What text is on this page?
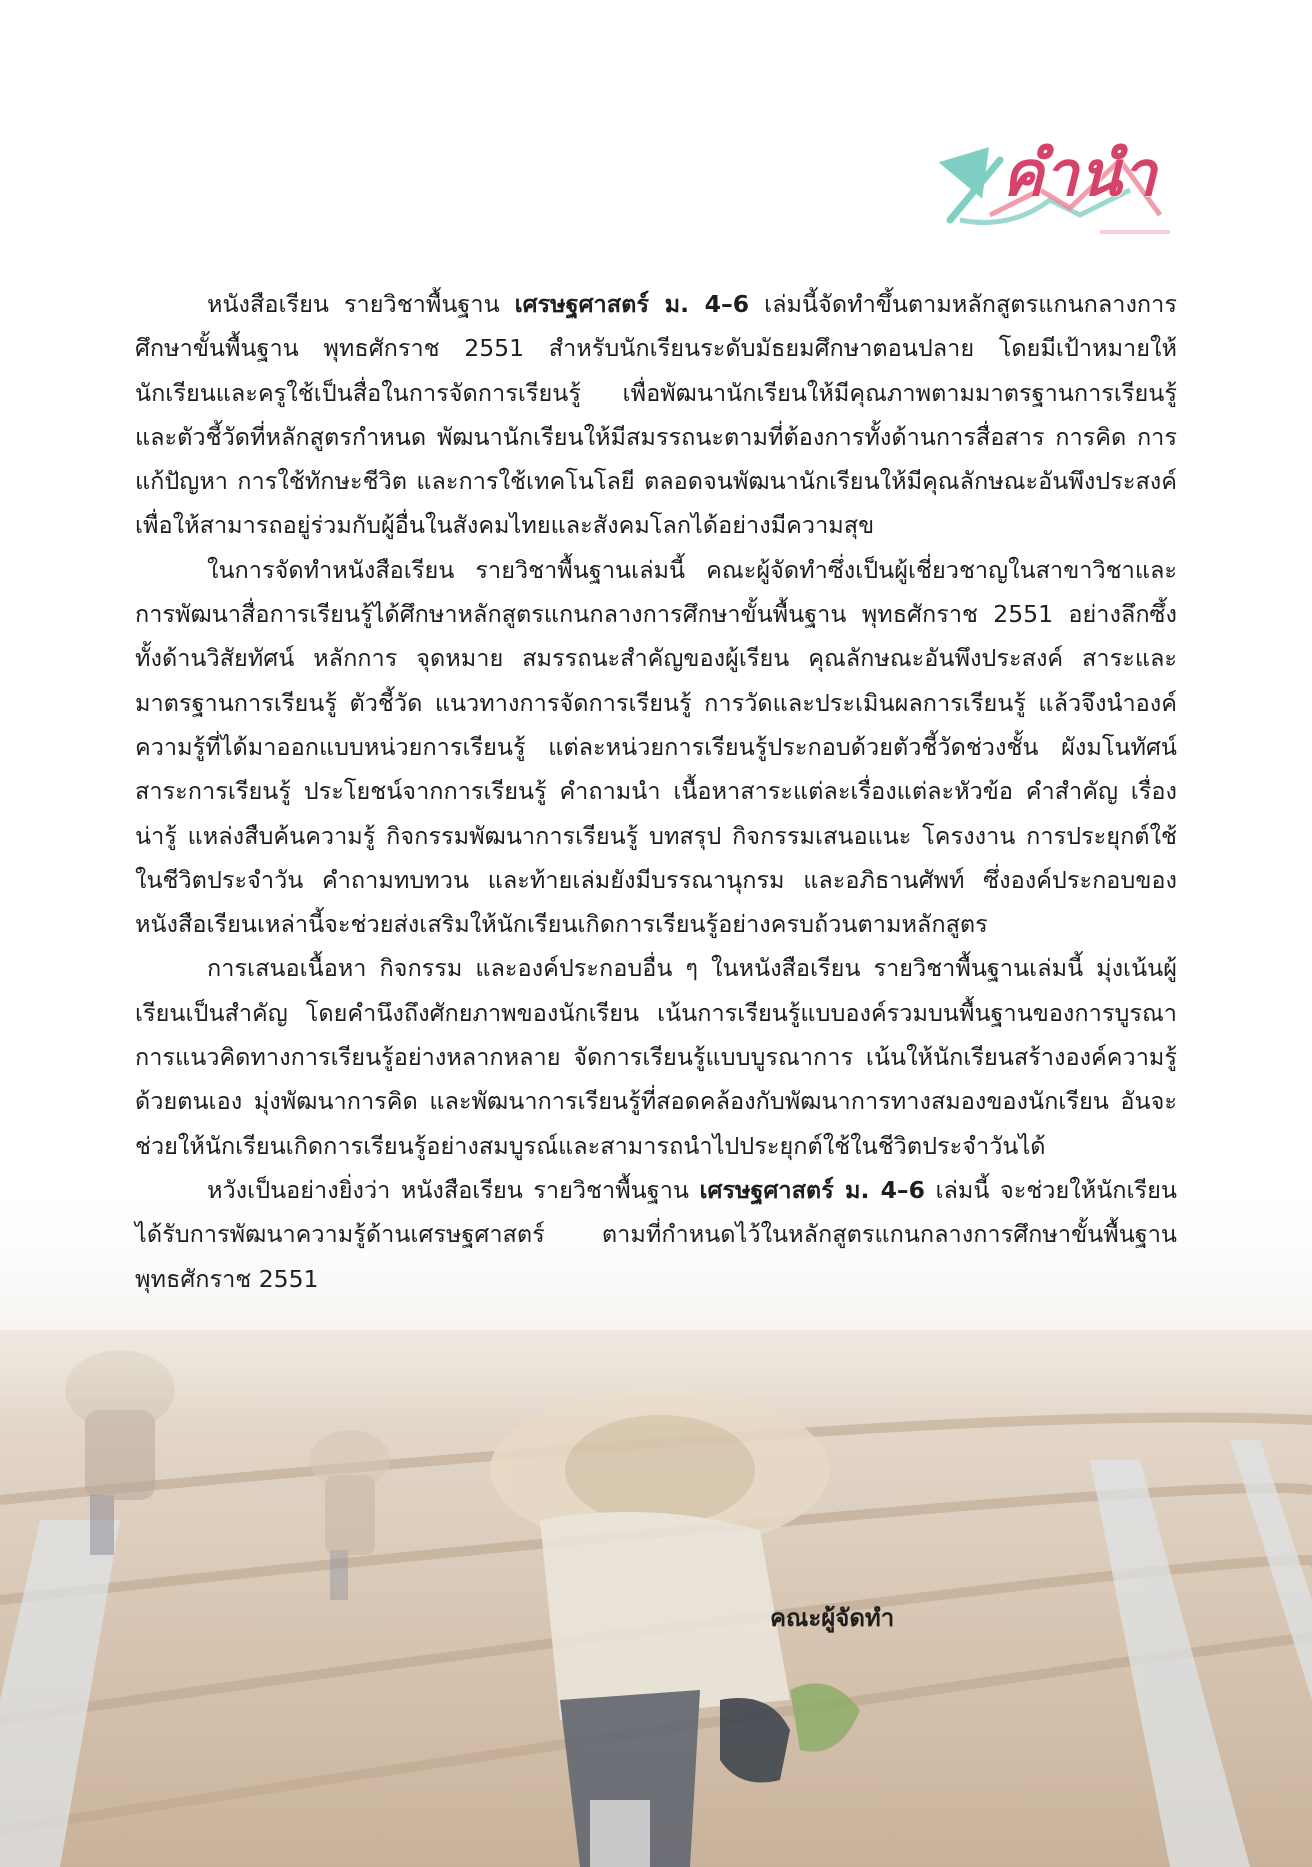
คำนำ

หนังสือเรียน รายวิชาพื้นฐาน เศรษฐศาสตร์ ม. 4–6 เล่มนี้จัดทำขึ้นตามหลักสูตรแกนกลางการศึกษาขั้นพื้นฐาน พุทธศักราช 2551 สำหรับนักเรียนระดับมัธยมศึกษาตอนปลาย โดยมีเป้าหมายให้นักเรียนและครูใช้เป็นสื่อในการจัดการเรียนรู้ เพื่อพัฒนานักเรียนให้มีคุณภาพตามมาตรฐานการเรียนรู้และตัวชี้วัดที่หลักสูตรกำหนด พัฒนานักเรียนให้มีสมรรถนะตามที่ต้องการทั้งด้านการสื่อสาร การคิด การแก้ปัญหา การใช้ทักษะชีวิต และการใช้เทคโนโลยี ตลอดจนพัฒนานักเรียนให้มีคุณลักษณะอันพึงประสงค์ เพื่อให้สามารถอยู่ร่วมกับผู้อื่นในสังคมไทยและสังคมโลกได้อย่างมีความสุข

ในการจัดทำหนังสือเรียน รายวิชาพื้นฐานเล่มนี้ คณะผู้จัดทำซึ่งเป็นผู้เชี่ยวชาญในสาขาวิชาและการพัฒนาสื่อการเรียนรู้ได้ศึกษาหลักสูตรแกนกลางการศึกษาขั้นพื้นฐาน พุทธศักราช 2551 อย่างลึกซึ้ง ทั้งด้านวิสัยทัศน์ หลักการ จุดหมาย สมรรถนะสำคัญของผู้เรียน คุณลักษณะอันพึงประสงค์ สาระและมาตรฐานการเรียนรู้ ตัวชี้วัด แนวทางการจัดการเรียนรู้ การวัดและประเมินผลการเรียนรู้ แล้วจึงนำองค์ความรู้ที่ได้มาออกแบบหน่วยการเรียนรู้ แต่ละหน่วยการเรียนรู้ประกอบด้วยตัวชี้วัดช่วงชั้น ผังมโนทัศน์สาระการเรียนรู้ ประโยชน์จากการเรียนรู้ คำถามนำ เนื้อหาสาระแต่ละเรื่องแต่ละหัวข้อ คำสำคัญ เรื่องน่ารู้ แหล่งสืบค้นความรู้ กิจกรรมพัฒนาการเรียนรู้ บทสรุป กิจกรรมเสนอแนะ โครงงาน การประยุกต์ใช้ในชีวิตประจำวัน คำถามทบทวน และท้ายเล่มยังมีบรรณานุกรม และอภิธานศัพท์ ซึ่งองค์ประกอบของหนังสือเรียนเหล่านี้จะช่วยส่งเสริมให้นักเรียนเกิดการเรียนรู้อย่างครบถ้วนตามหลักสูตร

การเสนอเนื้อหา กิจกรรม และองค์ประกอบอื่น ๆ ในหนังสือเรียน รายวิชาพื้นฐานเล่มนี้ มุ่งเน้นผู้เรียนเป็นสำคัญ โดยคำนึงถึงศักยภาพของนักเรียน เน้นการเรียนรู้แบบองค์รวมบนพื้นฐานของการบูรณาการแนวคิดทางการเรียนรู้อย่างหลากหลาย จัดการเรียนรู้แบบบูรณาการ เน้นให้นักเรียนสร้างองค์ความรู้ด้วยตนเอง มุ่งพัฒนาการคิด และพัฒนาการเรียนรู้ที่สอดคล้องกับพัฒนาการทางสมองของนักเรียน อันจะช่วยให้นักเรียนเกิดการเรียนรู้อย่างสมบูรณ์และสามารถนำไปประยุกต์ใช้ในชีวิตประจำวันได้

หวังเป็นอย่างยิ่งว่า หนังสือเรียน รายวิชาพื้นฐาน เศรษฐศาสตร์ ม. 4–6 เล่มนี้ จะช่วยให้นักเรียนได้รับการพัฒนาความรู้ด้านเศรษฐศาสตร์ ตามที่กำหนดไว้ในหลักสูตรแกนกลางการศึกษาขั้นพื้นฐาน พุทธศักราช 2551

คณะผู้จัดทำ
